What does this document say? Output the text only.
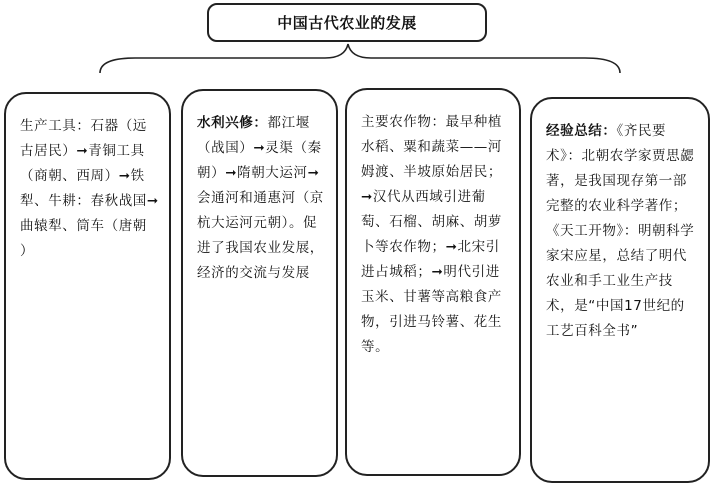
中国古代农业的发展
生产工具：石器（远古居民）➞青铜工具（商朝、西周）➞铁犁、牛耕：春秋战国➞曲辕犁、筒车（唐朝
）
水利兴修：都江堰（战国）➞灵渠（秦朝）➞隋朝大运河➞会通河和通惠河（京杭大运河元朝）。促进了我国农业发展，经济的交流与发展
主要农作物：最早种植水稻、粟和蔬菜——河姆渡、半坡原始居民；➞汉代从西域引进葡萄、石榴、胡麻、胡萝卜等农作物；➞北宋引进占城稻；➞明代引进玉米、甘薯等高粮食产物，引进马铃薯、花生等。
经验总结：《齐民要术》：北朝农学家贾思勰著，是我国现存第一部完整的农业科学著作；《天工开物》：明朝科学家宋应星，总结了明代农业和手工业生产技术，是“中国17世纪的工艺百科全书”
